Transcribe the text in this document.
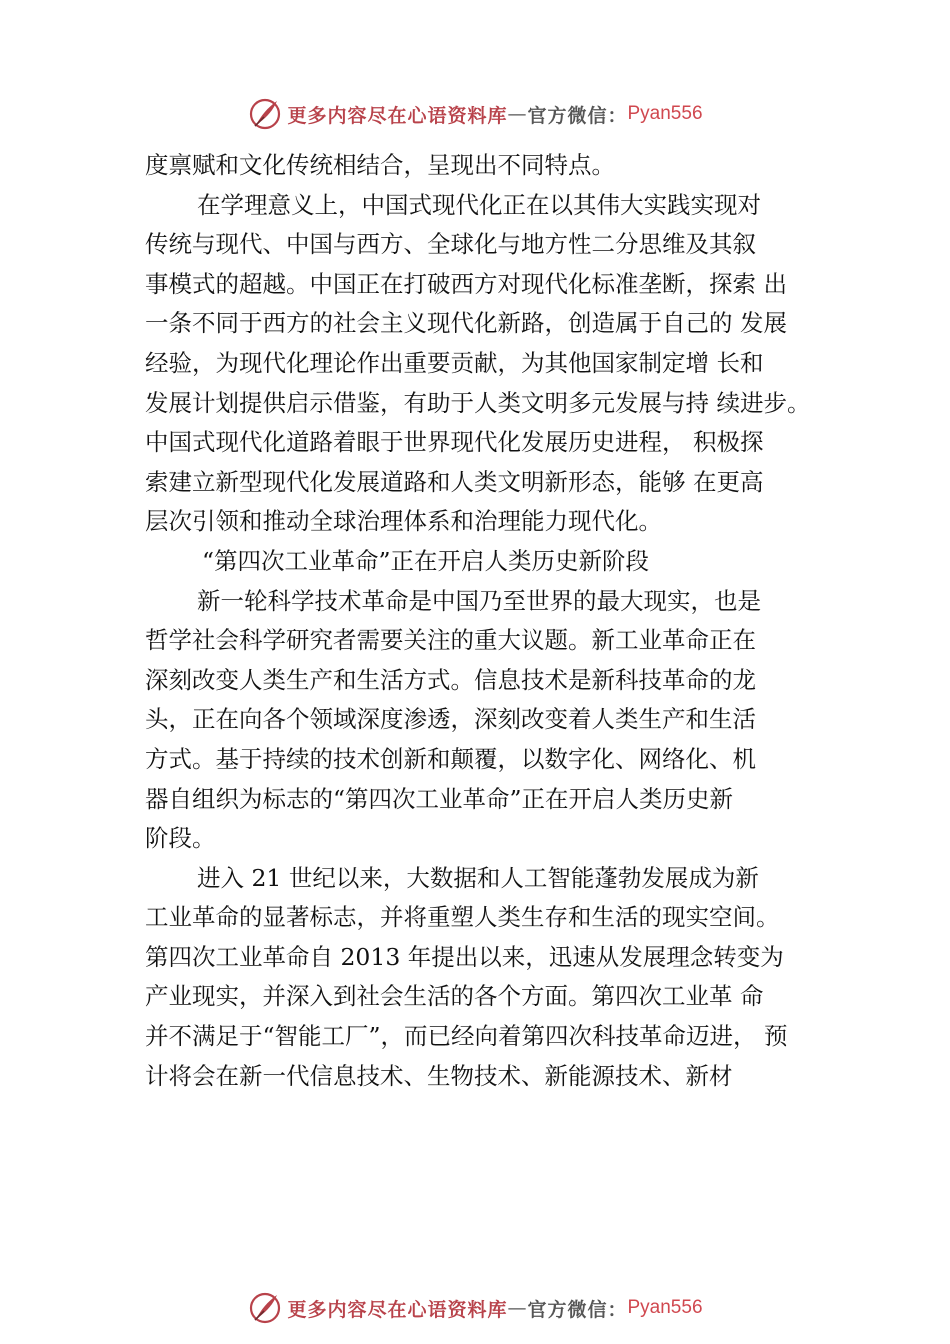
更多内容尽在心语资料库 — 官方微信： Pyan556
度禀赋和文化传统相结合，呈现出不同特点。
在学理意义上，中国式现代化正在以其伟大实践实现对
传统与现代、中国与西方、全球化与地方性二分思维及其叙
事模式的超越。中国正在打破西方对现代化标准垄断，探索 出
一条不同于西方的社会主义现代化新路，创造属于自己的 发展
经验，为现代化理论作出重要贡献，为其他国家制定增 长和
发展计划提供启示借鉴，有助于人类文明多元发展与持 续进步。
中国式现代化道路着眼于世界现代化发展历史进程， 积极探
索建立新型现代化发展道路和人类文明新形态，能够 在更高
层次引领和推动全球治理体系和治理能力现代化。
“第四次工业革命”正在开启人类历史新阶段
新一轮科学技术革命是中国乃至世界的最大现实，也是
哲学社会科学研究者需要关注的重大议题。新工业革命正在
深刻改变人类生产和生活方式。信息技术是新科技革命的龙
头，正在向各个领域深度渗透，深刻改变着人类生产和生活
方式。基于持续的技术创新和颠覆，以数字化、网络化、机
器自组织为标志的“第四次工业革命”正在开启人类历史新
阶段。
进入 21 世纪以来，大数据和人工智能蓬勃发展成为新
工业革命的显著标志，并将重塑人类生存和生活的现实空间。
第四次工业革命自 2013 年提出以来，迅速从发展理念转变为
产业现实，并深入到社会生活的各个方面。第四次工业革 命
并不满足于“智能工厂”，而已经向着第四次科技革命迈进， 预
计将会在新一代信息技术、生物技术、新能源技术、新材
更多内容尽在心语资料库 — 官方微信： Pyan556
